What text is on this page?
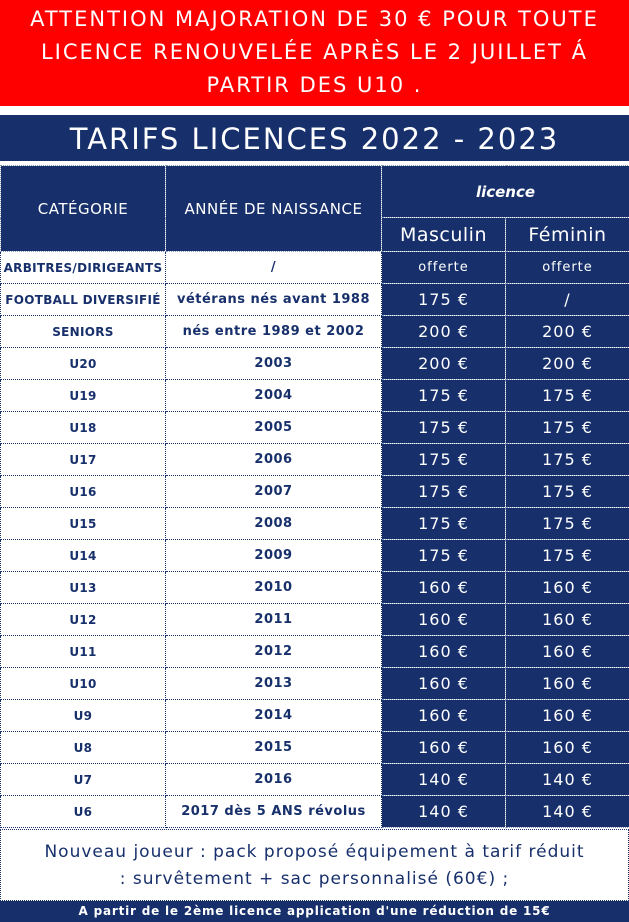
ATTENTION MAJORATION DE 30 € POUR TOUTE
LICENCE RENOUVELÉE APRÈS LE 2 JUILLET Á
PARTIR DES U10 .
TARIFS LICENCES 2022 - 2023
CATÉGORIE	ANNÉE DE NAISSANCE	licence	
		Masculin	Féminin
ARBITRES/DIRIGEANTS	/	offerte	offerte
FOOTBALL DIVERSIFIÉ	vétérans nés avant 1988	175 €	/
SENIORS	nés entre 1989 et 2002	200 €	200 €
U20	2003	200 €	200 €
U19	2004	175 €	175 €
U18	2005	175 €	175 €
U17	2006	175 €	175 €
U16	2007	175 €	175 €
U15	2008	175 €	175 €
U14	2009	175 €	175 €
U13	2010	160 €	160 €
U12	2011	160 €	160 €
U11	2012	160 €	160 €
U10	2013	160 €	160 €
U9	2014	160 €	160 €
U8	2015	160 €	160 €
U7	2016	140 €	140 €
U6	2017 dès 5 ANS révolus	140 €	140 €
Nouveau joueur : pack proposé équipement à tarif réduit
: survêtement + sac personnalisé (60€) ;
A partir de le 2ème licence application d'une réduction de 15€
